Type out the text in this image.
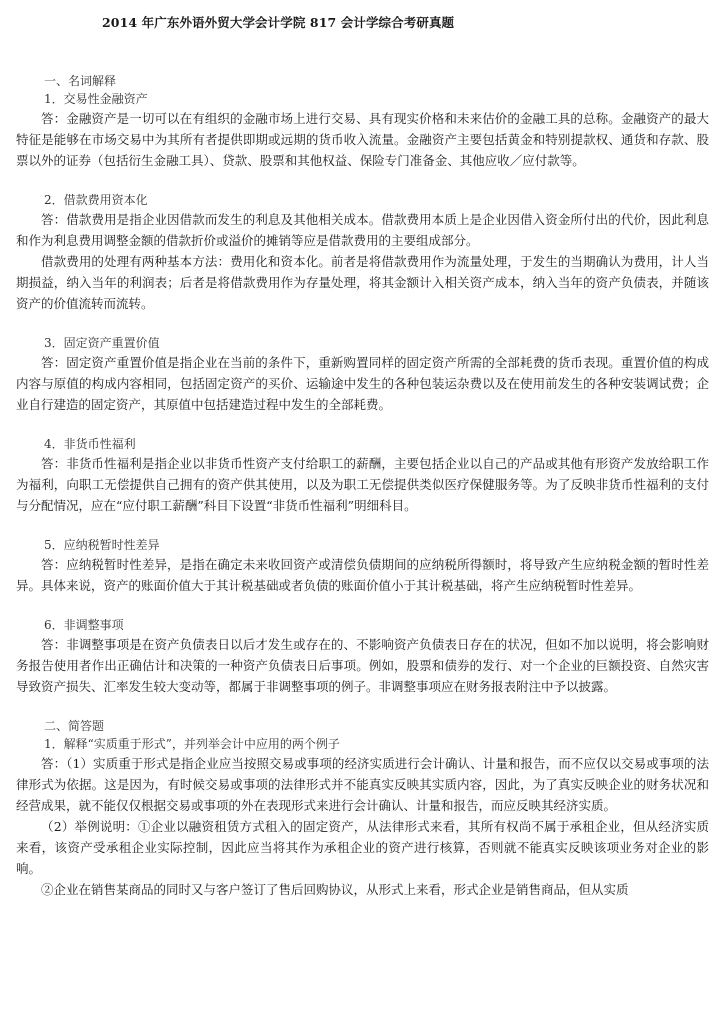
2014 年广东外语外贸大学会计学院 817 会计学综合考研真题
一、名词解释
1．交易性金融资产

答：金融资产是一切可以在有组织的金融市场上进行交易、具有现实价格和未来估价的金融工具的总称。金融资产的最大特征是能够在市场交易中为其所有者提供即期或远期的货币收入流量。金融资产主要包括黄金和特别提款权、通货和存款、股票以外的证券（包括衍生金融工具）、贷款、股票和其他权益、保险专门准备金、其他应收／应付款等。

2．借款费用资本化

答：借款费用是指企业因借款而发生的利息及其他相关成本。借款费用本质上是企业因借入资金所付出的代价，因此利息和作为利息费用调整金额的借款折价或溢价的摊销等应是借款费用的主要组成部分。

借款费用的处理有两种基本方法：费用化和资本化。前者是将借款费用作为流量处理，于发生的当期确认为费用，计人当期损益，纳入当年的利润表；后者是将借款费用作为存量处理，将其金额计入相关资产成本，纳入当年的资产负债表，并随该资产的价值流转而流转。

3．固定资产重置价值

答：固定资产重置价值是指企业在当前的条件下，重新购置同样的固定资产所需的全部耗费的货币表现。重置价值的构成内容与原值的构成内容相同，包括固定资产的买价、运输途中发生的各种包装运杂费以及在使用前发生的各种安装调试费；企业自行建造的固定资产，其原值中包括建造过程中发生的全部耗费。

4．非货币性福利

答：非货币性福利是指企业以非货币性资产支付给职工的薪酬，主要包括企业以自己的产品或其他有形资产发放给职工作为福利，向职工无偿提供自己拥有的资产供其使用，以及为职工无偿提供类似医疗保健服务等。为了反映非货币性福利的支付与分配情况，应在“应付职工薪酬”科目下设置“非货币性福利”明细科目。

5．应纳税暂时性差异

答：应纳税暂时性差异，是指在确定未来收回资产或清偿负债期间的应纳税所得额时，将导致产生应纳税金额的暂时性差异。具体来说，资产的账面价值大于其计税基础或者负债的账面价值小于其计税基础，将产生应纳税暂时性差异。

6．非调整事项

答：非调整事项是在资产负债表日以后才发生或存在的、不影响资产负债表日存在的状况，但如不加以说明，将会影响财务报告使用者作出正确估计和决策的一种资产负债表日后事项。例如，股票和债券的发行、对一个企业的巨额投资、自然灾害导致资产损失、汇率发生较大变动等，都属于非调整事项的例子。非调整事项应在财务报表附注中予以披露。

二、简答题
1．解释“实质重于形式”，并列举会计中应用的两个例子

答：（1）实质重于形式是指企业应当按照交易或事项的经济实质进行会计确认、计量和报告，而不应仅以交易或事项的法律形式为依据。这是因为，有时候交易或事项的法律形式并不能真实反映其实质内容，因此，为了真实反映企业的财务状况和经营成果，就不能仅仅根据交易或事项的外在表现形式来进行会计确认、计量和报告，而应反映其经济实质。

（2）举例说明：①企业以融资租赁方式租入的固定资产，从法律形式来看，其所有权尚不属于承租企业，但从经济实质来看，该资产受承租企业实际控制，因此应当将其作为承租企业的资产进行核算，否则就不能真实反映该项业务对企业的影响。

②企业在销售某商品的同时又与客户签订了售后回购协议，从形式上来看，形式企业是销售商品，但从实质
